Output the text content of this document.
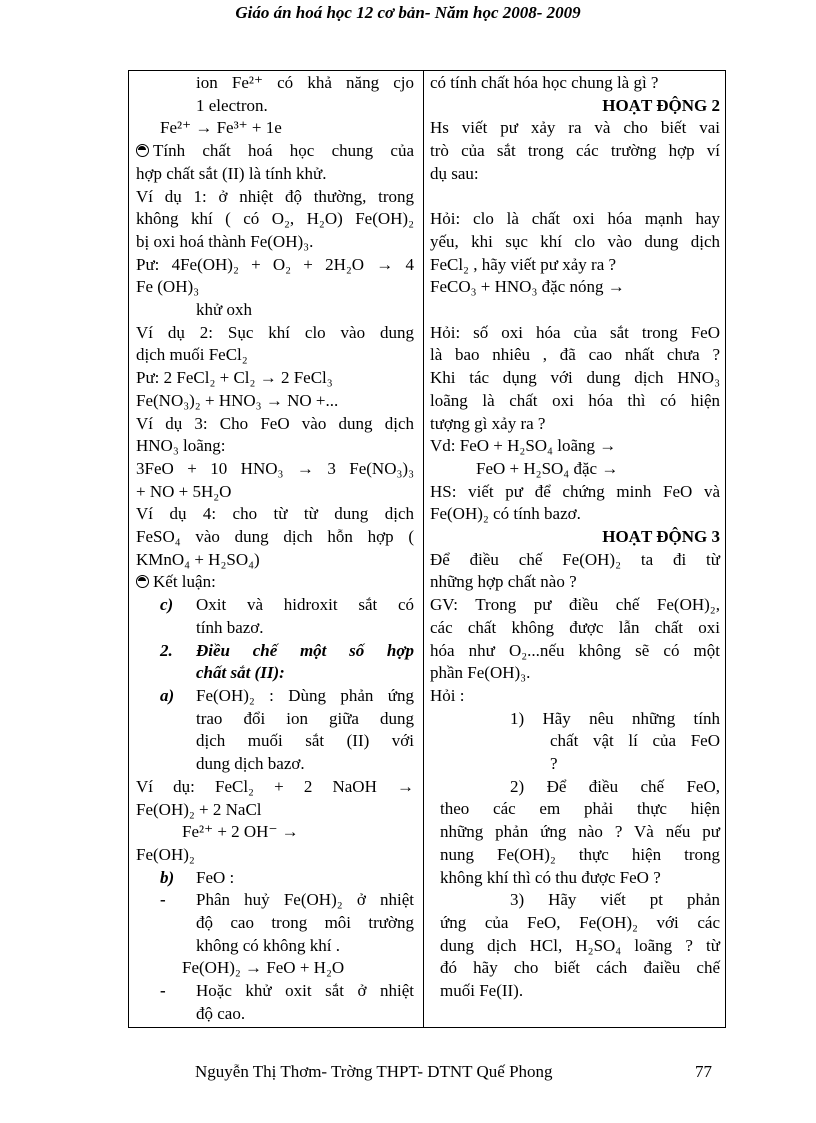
Giáo án hoá học 12 cơ bản- Năm học 2008- 2009
ion Fe²⁺ có khả năng cjo
1 electron.
Fe²⁺ → Fe³⁺ + 1e
Tính chất hoá học chung của
hợp chất sắt (II) là tính khử.
Ví dụ 1: ở nhiệt độ thường, trong
không khí ( có O₂, H₂O) Fe(OH)₂
bị oxi hoá thành Fe(OH)₃.
Pư: 4Fe(OH)₂ + O₂ + 2H₂O → 4
Fe (OH)₃
khử oxh
Ví dụ 2: Sục khí clo vào dung
dịch muối FeCl₂
Pư: 2 FeCl₂ + Cl₂ → 2 FeCl₃
Fe(NO₃)₂ + HNO₃ → NO +...
Ví dụ 3: Cho FeO vào dung dịch
HNO₃ loãng:
3FeO + 10 HNO₃ → 3 Fe(NO₃)₃
+ NO + 5H₂O
Ví dụ 4: cho từ từ dung dịch
FeSO₄ vào dung dịch hỗn hợp (
KMnO₄ + H₂SO₄)
Kết luận:
c) Oxit và hidroxit sắt có
tính bazơ.
2. Điều chế một số hợp
chất sắt (II):
a) Fe(OH)₂ : Dùng phản ứng
trao đổi ion giữa dung
dịch muối sắt (II) với
dung dịch bazơ.
Ví dụ: FeCl₂ + 2 NaOH →
Fe(OH)₂ + 2 NaCl
Fe²⁺ + 2 OH⁻ →
Fe(OH)₂
b) FeO :
- Phân huỷ Fe(OH)₂ ở nhiệt
độ cao trong môi trường
không có không khí .
Fe(OH)₂ → FeO + H₂O
- Hoặc khử oxit sắt ở nhiệt
độ cao.
có tính chất hóa học chung là gì ?
HOẠT ĐỘNG 2
Hs viết pư xảy ra và cho biết vai
trò của sắt trong các trường hợp ví
dụ sau:
Hỏi: clo là chất oxi hóa mạnh hay
yếu, khi sục khí clo vào dung dịch
FeCl₂ , hãy viết pư xảy ra ?
FeCO₃ + HNO₃ đặc nóng →
Hỏi: số oxi hóa của sắt trong FeO
là bao nhiêu , đã cao nhất chưa ?
Khi tác dụng với dung dịch HNO₃
loãng là chất oxi hóa thì có hiện
tượng gì xảy ra ?
Vd: FeO + H₂SO₄ loãng →
FeO + H₂SO₄ đặc →
HS: viết pư để chứng minh FeO và
Fe(OH)₂ có tính bazơ.
HOẠT ĐỘNG 3
Để điều chế Fe(OH)₂ ta đi từ
những hợp chất nào ?
GV: Trong pư điều chế Fe(OH)₂,
các chất không được lẫn chất oxi
hóa như O₂...nếu không sẽ có một
phần Fe(OH)₃.
Hỏi :
1) Hãy nêu những tính
chất vật lí của FeO
?
2) Để điều chế FeO,
theo các em phải thực hiện
những phản ứng nào ? Và nếu pư
nung Fe(OH)₂ thực hiện trong
không khí thì có thu được FeO ?
3) Hãy viết pt phản
ứng của FeO, Fe(OH)₂ với các
dung dịch HCl, H₂SO₄ loãng ? từ
đó hãy cho biết cách đaiều chế
muối Fe(II).
Nguyễn Thị Thơm- Trờng THPT- DTNT Quế Phong	77
